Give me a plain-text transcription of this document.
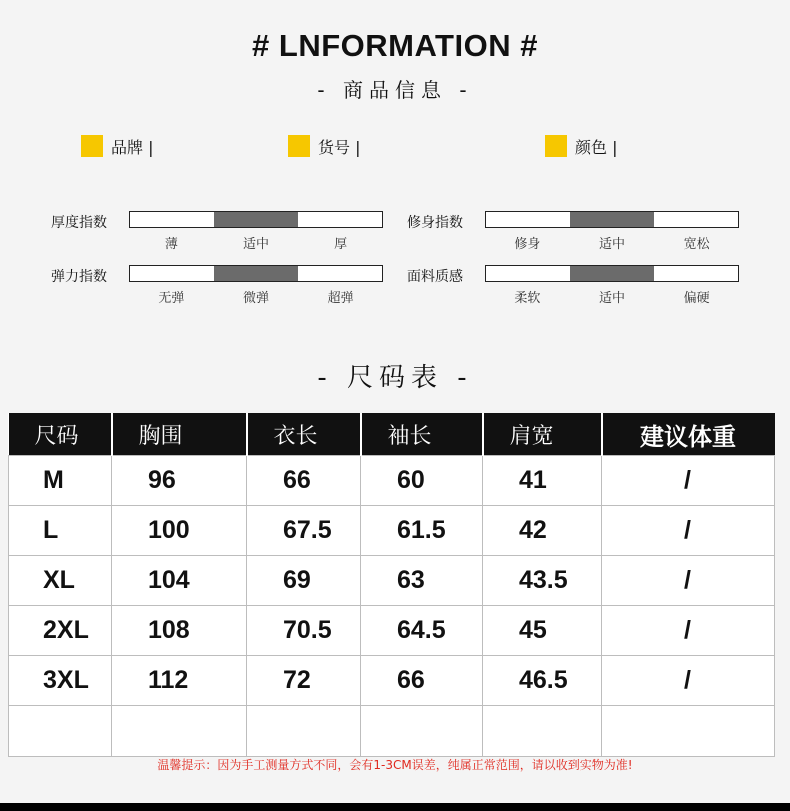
# LNFORMATION #
- 商品信息 -
品牌 |	货号 |	颜色 |
厚度指数
薄	适中	厚
修身指数
修身	适中	宽松
弹力指数
无弹	微弹	超弹
面料质感
柔软	适中	偏硬
- 尺码表 -
尺码	胸围	衣长	袖长	肩宽	建议体重
M	96	66	60	41	/
L	100	67.5	61.5	42	/
XL	104	69	63	43.5	/
2XL	108	70.5	64.5	45	/
3XL	112	72	66	46.5	/

温馨提示：因为手工测量方式不同，会有1-3CM误差，纯属正常范围，请以收到实物为准!
